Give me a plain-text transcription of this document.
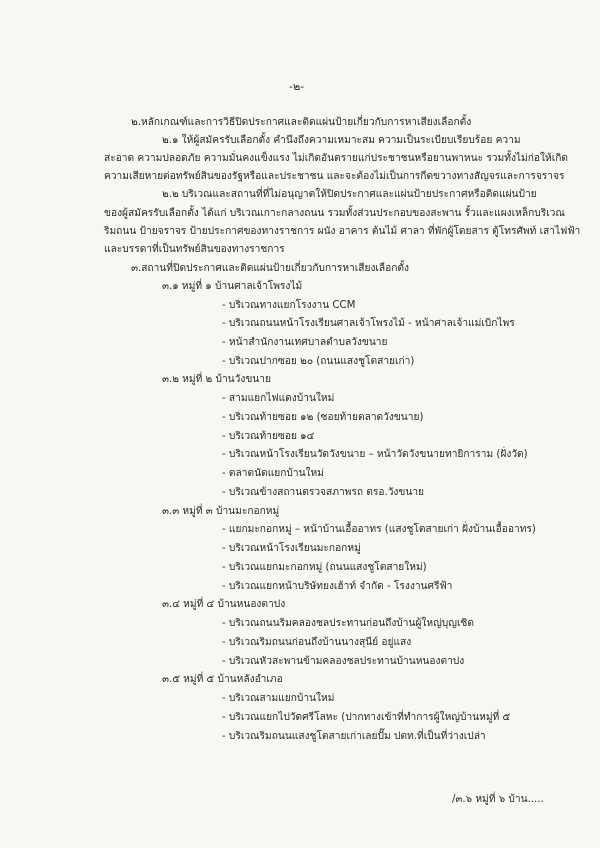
-๒-
๒.หลักเกณฑ์และการวิธีปิดประกาศและติดแผ่นป้ายเกี่ยวกับการหาเสียงเลือกตั้ง
๒.๑ ให้ผู้สมัครรับเลือกตั้ง คำนึงถึงความเหมาะสม ความเป็นระเบียบเรียบร้อย ความ
สะอาด ความปลอดภัย ความมั่นคงแข็งแรง ไม่เกิดอันตรายแก่ประชาชนหรือยานพาหนะ รวมทั้งไม่ก่อให้เกิด
ความเสียหายต่อทรัพย์สินของรัฐหรือและประชาชน และจะต้องไม่เป็นการกีดขวางทางสัญจรและการจราจร
๒.๒ บริเวณและสถานที่ที่ไม่อนุญาตให้ปิดประกาศและแผ่นป้ายประกาศหรือติดแผ่นป้าย
ของผู้สมัครรับเลือกตั้ง ได้แก่ บริเวณเกาะกลางถนน รวมทั้งส่วนประกอบของสะพาน รั้วและแผงเหล็กบริเวณ
ริมถนน ป้ายจราจร ป้ายประกาศของทางราชการ ผนัง อาคาร ต้นไม้ ศาลา ที่พักผู้โดยสาร ตู้โทรศัพท์ เสาไฟฟ้า
และบรรดาที่เป็นทรัพย์สินของทางราชการ
๓.สถานที่ปิดประกาศและติดแผ่นป้ายเกี่ยวกับการหาเสียงเลือกตั้ง
๓.๑ หมู่ที่ ๑ บ้านศาลเจ้าโพรงไม้
- บริเวณทางแยกโรงงาน CCM
- บริเวณถนนหน้าโรงเรียนศาลเจ้าโพรงไม้ - หน้าศาลเจ้าแม่เบิกไพร
- หน้าสำนักงานเทศบาลตำบลวังขนาย
- บริเวณปากซอย ๒๐ (ถนนแสงชูโตสายเก่า)
๓.๒ หมู่ที่ ๒ บ้านวังขนาย
- สามแยกไฟแดงบ้านใหม่
- บริเวณท้ายซอย ๑๒ (ซอยท้ายตลาดวังขนาย)
- บริเวณท้ายซอย ๑๔
- บริเวณหน้าโรงเรียนวัดวังขนาย – หน้าวัดวังขนายทายิการาม (ฝั่งวัด)
- ตลาดนัดแยกบ้านใหม่
- บริเวณข้างสถานตรวจสภาพรถ ตรอ.วังขนาย
๓.๓ หมู่ที่ ๓ บ้านมะกอกหมู่
- แยกมะกอกหมู่ – หน้าบ้านเอื้ออาทร (แสงชูโตสายเก่า ฝั่งบ้านเอื้ออาทร)
- บริเวณหน้าโรงเรียนมะกอกหมู่
- บริเวณแยกมะกอกหมู่ (ถนนแสงชูโตสายใหม่)
- บริเวณแยกหน้าบริษัทยงเฮ้าท์ จำกัด - โรงงานศรีฟ้า
๓.๔ หมู่ที่ ๔ บ้านหนองตาปง
- บริเวณถนนริมคลองชลประทานก่อนถึงบ้านผู้ใหญ่บุญเชิด
- บริเวณริมถนนก่อนถึงบ้านนางสุนีย์ อยู่แสง
- บริเวณหัวสะพานข้ามคลองชลประทานบ้านหนองตาปง
๓.๕ หมู่ที่ ๕ บ้านหลังอำเภอ
- บริเวณสามแยกบ้านใหม่
- บริเวณแยกไปวัดศรีโลหะ (ปากทางเข้าที่ทำการผู้ใหญ่บ้านหมู่ที่ ๕
- บริเวณริมถนนแสงชูโตสายเก่าเลยปั๊ม ปตท.ที่เป็นที่ว่างเปล่า
/๓.๖ หมู่ที่ ๖ บ้าน.....
